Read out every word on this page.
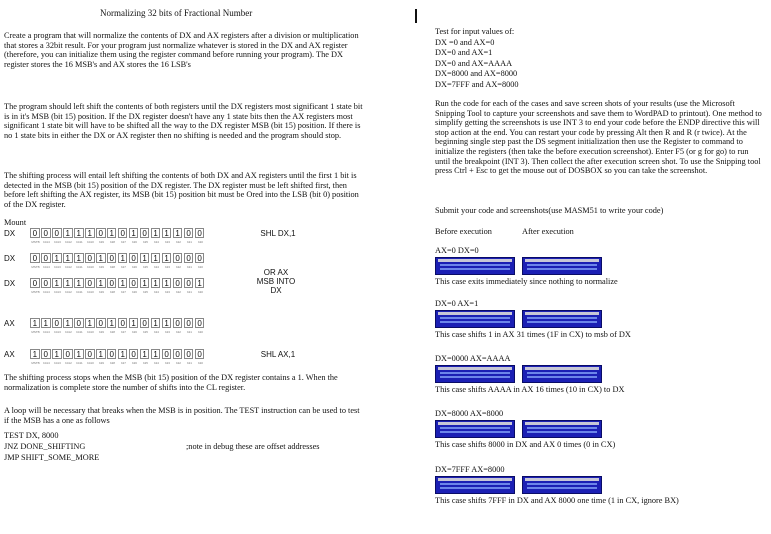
Normalizing 32 bits of Fractional Number

Create a program that will normalize the contents of DX and AX registers after a division or multiplication that stores a 32bit result. For your program just normalize whatever is stored in the DX and AX register (therefore, you can initialize them using the register command before running your program). The DX register stores the 16 MSB's and AX stores the 16 LSB's

The program should left shift the contents of both registers until the DX registers most significant 1 state bit is in it's MSB (bit 15) position. If the DX register doesn't have any 1 state bits then the AX registers most significant 1 state bit will have to be shifted all the way to the DX register MSB (bit 15) position. If there is no 1 state bits in either the DX or AX register then no shifting is needed and the program should stop.

The shifting process will entail left shifting the contents of both DX and AX registers until the first 1 bit is detected in the MSB (bit 15) position of the DX register. The DX register must be left shifted first, then before left shifting the AX register, its MSB (bit 15) position bit must be Ored into the LSB (bit 0) position of the DX register.

Mount
DX	0 0 0 1 1 1 0 1 0 1 0 1 1 1 0 0
MSTB	bit14	bit13	bit12	bit11	bit10	bit9	bit8	bit7	bit6	bit5	bit4	bit3	bit2	bit1	bit0
SHL DX,1
DX	0 0 1 1 1 0 1 0 1 0 1 1 1 0 0 0
MSTB	bit14	bit13	bit12	bit11	bit10	bit9	bit8	bit7	bit6	bit5	bit4	bit3	bit2	bit1	bit0
DX	0 0 1 1 1 0 1 0 1 0 1 1 1 0 0 1
MSTB	bit14	bit13	bit12	bit11	bit10	bit9	bit8	bit7	bit6	bit5	bit4	bit3	bit2	bit1	bit0
OR AX MSB INTO DX
AX	1 1 0 1 0 1 0 1 0 1 0 1 1 0 0 0
MSTB	bit14	bit13	bit12	bit11	bit10	bit9	bit8	bit7	bit6	bit5	bit4	bit3	bit2	bit1	bit0
AX	1 0 1 0 1 0 1 0 1 0 1 1 0 0 0 0
MSTB	bit14	bit13	bit12	bit11	bit10	bit9	bit8	bit7	bit6	bit5	bit4	bit3	bit2	bit1	bit0
SHL AX,1

The shifting process stops when the MSB (bit 15) position of the DX register contains a 1. When the normalization is complete store the number of shifts into the CL register.

A loop will be necessary that breaks when the MSB is in position. The TEST instruction can be used to test if the MSB has a one as follows

TEST DX, 8000
JNZ DONE_SHIFTING	;note in debug these are offset addresses
JMP SHIFT_SOME_MORE
Test for input values of:
DX =0 and AX=0
DX=0 and AX=1
DX=0 and AX=AAAA
DX=8000 and AX=8000
DX=7FFF and AX=8000

Run the code for each of the cases and save screen shots of your results (use the Microsoft Snipping Tool to capture your screenshots and save them to WordPAD to printout). One method to simplify getting the screenshots is use INT 3 to end your code before the ENDP directive this will stop action at the end. You can restart your code by pressing Alt then R and R (r twice). At the beginning single step past the DS segment initialization then use the Register to command to initialize the registers (then take the before execution screenshot). Enter F5 (or g for go) to run until the breakpoint (INT 3). Then collect the after execution screen shot. To use the Snipping tool press Ctrl + Esc to get the mouse out of DOSBOX so you can take the screenshot.

Submit your code and screenshots(use MASM51 to write your code)
Before execution	After execution
AX=0 DX=0
This case exits immediately since nothing to normalize
DX=0 AX=1
This case shifts 1 in AX 31 times (1F in CX) to msb of DX
DX=0000 AX=AAAA
This case shifts AAAA in AX 16 times (10 in CX) to DX
DX=8000 AX=8000
This case shifts 8000 in DX and AX 0 times (0 in CX)
DX=7FFF AX=8000
This case shifts 7FFF in DX and AX 8000 one time (1 in CX, ignore BX)
